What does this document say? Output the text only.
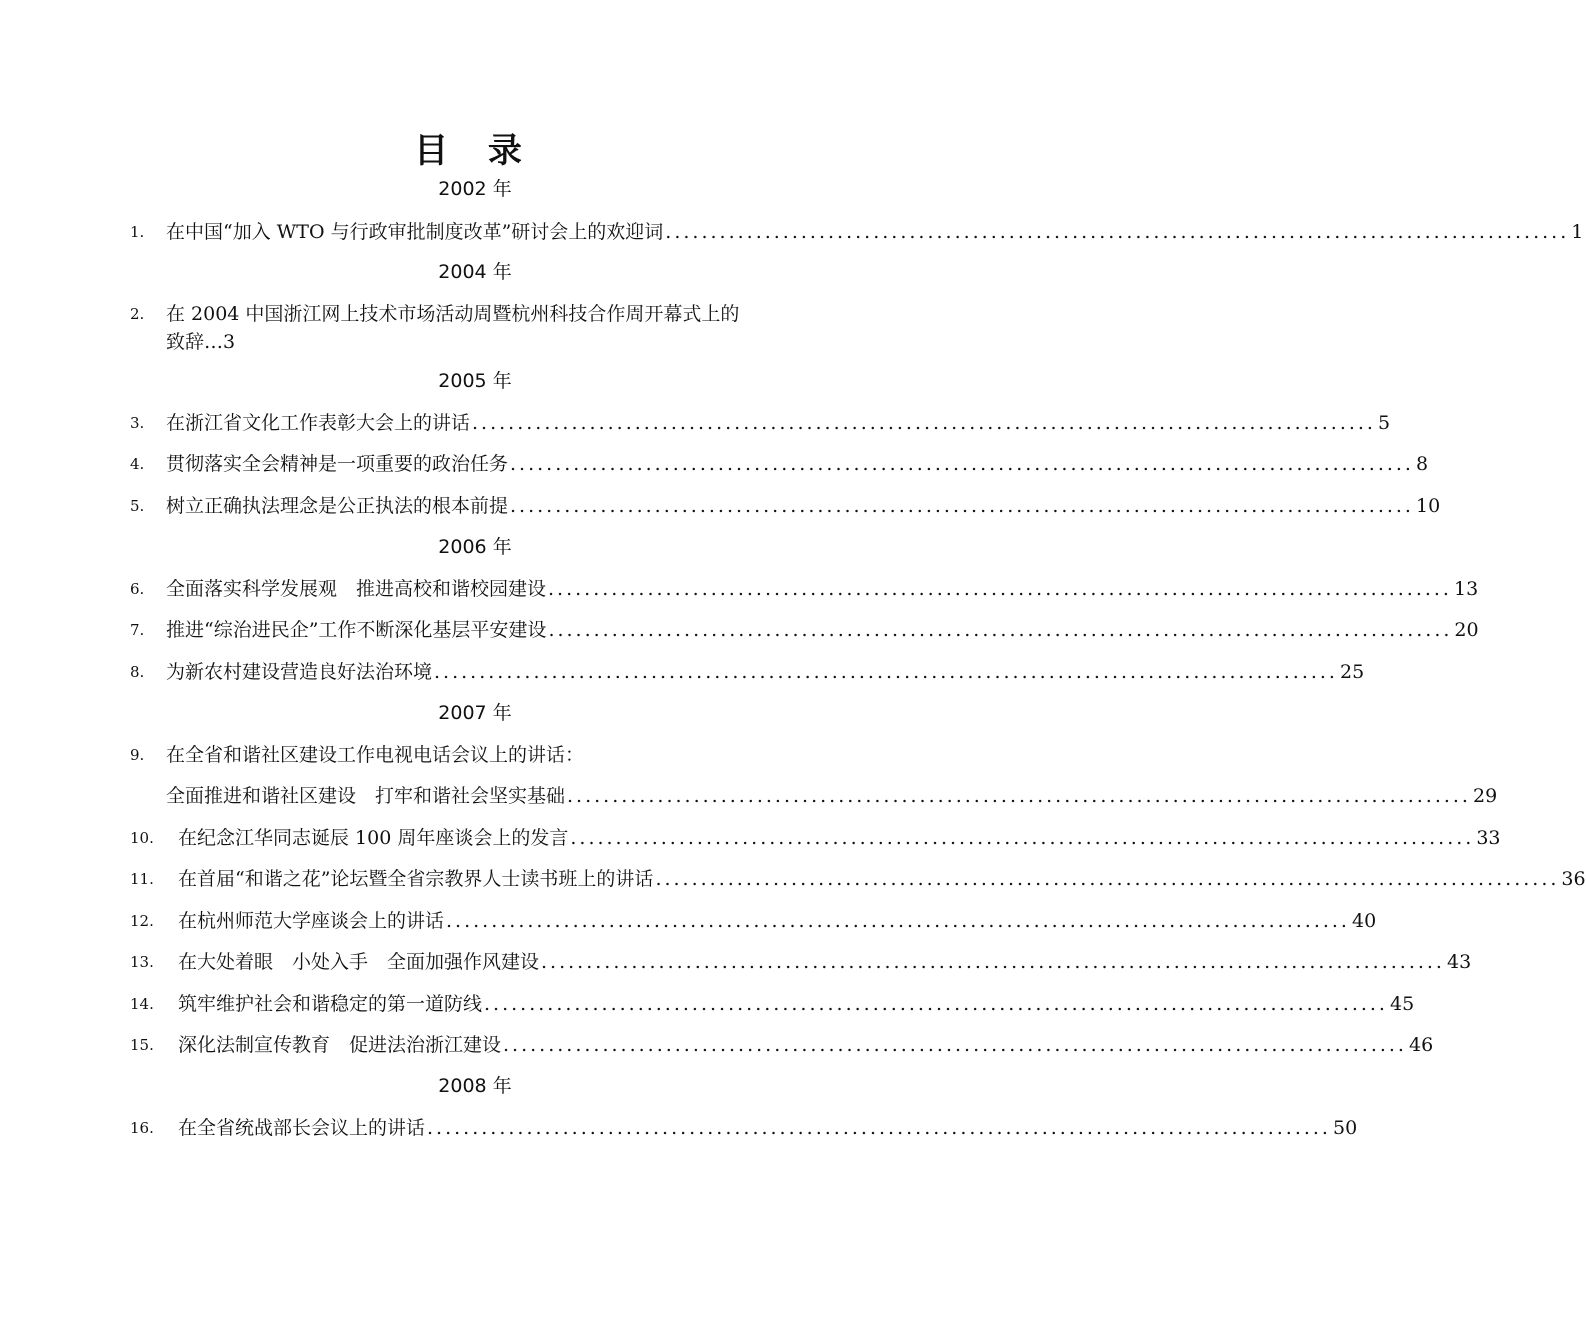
目 录
2002 年
1. 在中国“加入 WTO 与行政审批制度改革”研讨会上的欢迎词 .................................................................................................... 1
2004 年
2. 在 2004 中国浙江网上技术市场活动周暨杭州科技合作周开幕式上的
致辞…3
2005 年
3. 在浙江省文化工作表彰大会上的讲话 .................................................................................................... 5
4. 贯彻落实全会精神是一项重要的政治任务 .................................................................................................... 8
5. 树立正确执法理念是公正执法的根本前提 .................................................................................................... 10
2006 年
6. 全面落实科学发展观　推进高校和谐校园建设 .................................................................................................... 13
7. 推进“综治进民企”工作不断深化基层平安建设 .................................................................................................... 20
8. 为新农村建设营造良好法治环境 .................................................................................................... 25
2007 年
9. 在全省和谐社区建设工作电视电话会议上的讲话：
全面推进和谐社区建设　打牢和谐社会坚实基础 .................................................................................................... 29
10. 在纪念江华同志诞辰 100 周年座谈会上的发言 .................................................................................................... 33
11. 在首届“和谐之花”论坛暨全省宗教界人士读书班上的讲话 .................................................................................................... 36
12. 在杭州师范大学座谈会上的讲话 .................................................................................................... 40
13. 在大处着眼　小处入手　全面加强作风建设 .................................................................................................... 43
14. 筑牢维护社会和谐稳定的第一道防线 .................................................................................................... 45
15. 深化法制宣传教育　促进法治浙江建设 .................................................................................................... 46
2008 年
16. 在全省统战部长会议上的讲话 .................................................................................................... 50
